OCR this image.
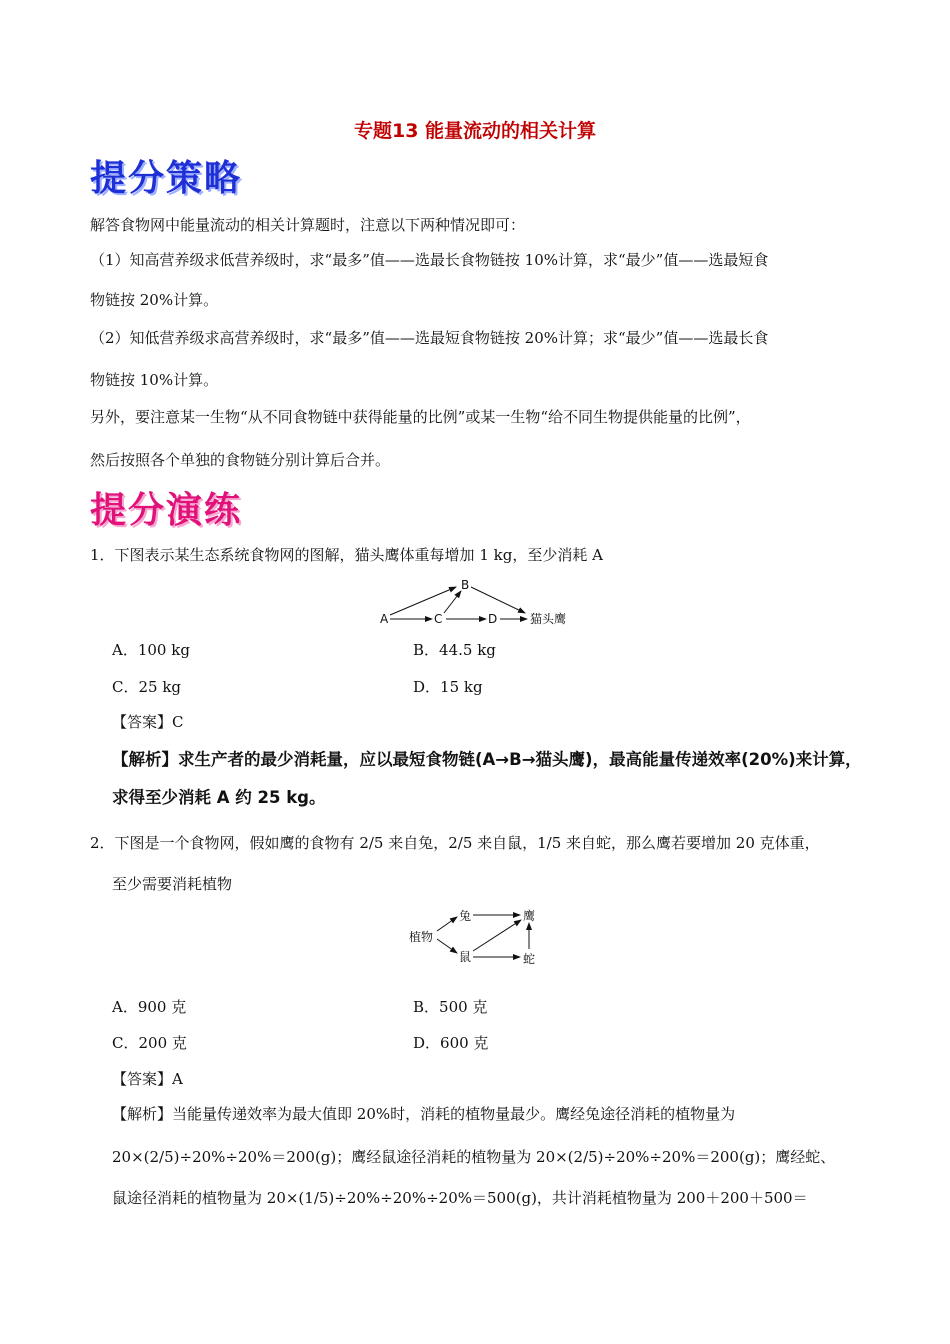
专题13 能量流动的相关计算
提分策略
解答食物网中能量流动的相关计算题时，注意以下两种情况即可：
（1）知高营养级求低营养级时，求“最多”值——选最长食物链按 10%计算，求“最少”值——选最短食
物链按 20%计算。
（2）知低营养级求高营养级时，求“最多”值——选最短食物链按 20%计算；求“最少”值——选最长食
物链按 10%计算。
另外，要注意某一生物“从不同食物链中获得能量的比例”或某一生物“给不同生物提供能量的比例”，
然后按照各个单独的食物链分别计算后合并。
提分演练
1．下图表示某生态系统食物网的图解，猫头鹰体重每增加 1 kg，至少消耗 A
A
B
C	D	猫头鹰
A．100 kg	B．44.5 kg
C．25 kg	D．15 kg
【答案】C
【解析】求生产者的最少消耗量，应以最短食物链(A→B→猫头鹰)，最高能量传递效率(20%)来计算，
求得至少消耗 A 约 25 kg。
2．下图是一个食物网，假如鹰的食物有 2/5 来自兔，2/5 来自鼠，1/5 来自蛇，那么鹰若要增加 20 克体重，
至少需要消耗植物
植物
兔
鼠
鹰
蛇
A．900 克	B．500 克
C．200 克	D．600 克
【答案】A
【解析】当能量传递效率为最大值即 20%时，消耗的植物量最少。鹰经兔途径消耗的植物量为
20×(2/5)÷20%÷20%＝200(g)；鹰经鼠途径消耗的植物量为 20×(2/5)÷20%÷20%＝200(g)；鹰经蛇、
鼠途径消耗的植物量为 20×(1/5)÷20%÷20%÷20%＝500(g)，共计消耗植物量为 200＋200＋500＝
